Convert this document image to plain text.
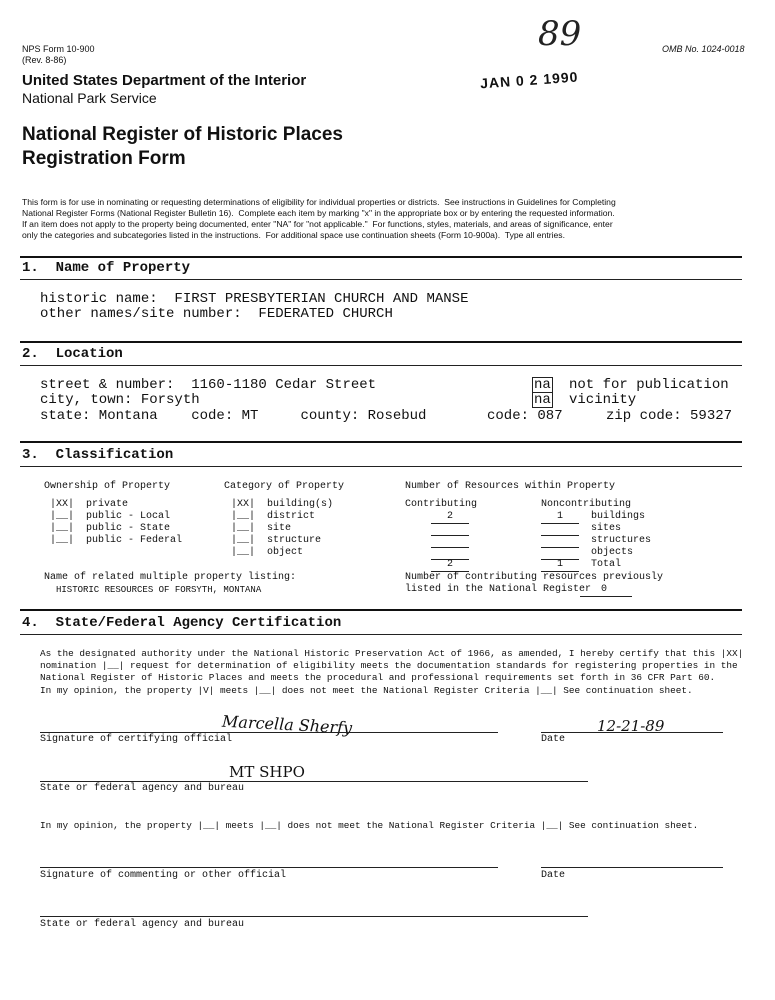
NPS Form 10-900
(Rev. 8-86)
OMB No. 1024-0018
89
JAN 0 2 1990
United States Department of the Interior
National Park Service
National Register of Historic Places
Registration Form
This form is for use in nominating or requesting determinations of eligibility for individual properties or districts.  See instructions in Guidelines for Completing
National Register Forms (National Register Bulletin 16).  Complete each item by marking "x" in the appropriate box or by entering the requested information.
If an item does not apply to the property being documented, enter "NA" for "not applicable."  For functions, styles, materials, and areas of significance, enter
only the categories and subcategories listed in the instructions.  For additional space use continuation sheets (Form 10-900a).  Type all entries.
1.  Name of Property
historic name:  FIRST PRESBYTERIAN CHURCH AND MANSE
other names/site number:  FEDERATED CHURCH
2.  Location
street & number:  1160-1180 Cedar Street
city, town: Forsyth
state: Montana    code: MT     county: Rosebud	code: 087	zip code: 59327
na not for publication
na vicinity
3.  Classification
Ownership of Property
|XX|  private
|__|  public - Local
|__|  public - State
|__|  public - Federal
Category of Property
|XX|  building(s)
|__|  district
|__|  site
|__|  structure
|__|  object
Number of Resources within Property
Contributing	Noncontributing
2	1	buildings
sites
structures
objects
2	1	Total
Name of related multiple property listing:
HISTORIC RESOURCES OF FORSYTH, MONTANA
Number of contributing resources previously
listed in the National Register 0
4.  State/Federal Agency Certification
As the designated authority under the National Historic Preservation Act of 1966, as amended, I hereby certify that this |XX|
nomination |__| request for determination of eligibility meets the documentation standards for registering properties in the
National Register of Historic Places and meets the procedural and professional requirements set forth in 36 CFR Part 60.
In my opinion, the property |V| meets |__| does not meet the National Register Criteria |__| See continuation sheet.
Marcella Sherfy
Signature of certifying official
12-21-89
Date
MT SHPO
State or federal agency and bureau
In my opinion, the property |__| meets |__| does not meet the National Register Criteria |__| See continuation sheet.
Signature of commenting or other official	Date
State or federal agency and bureau
